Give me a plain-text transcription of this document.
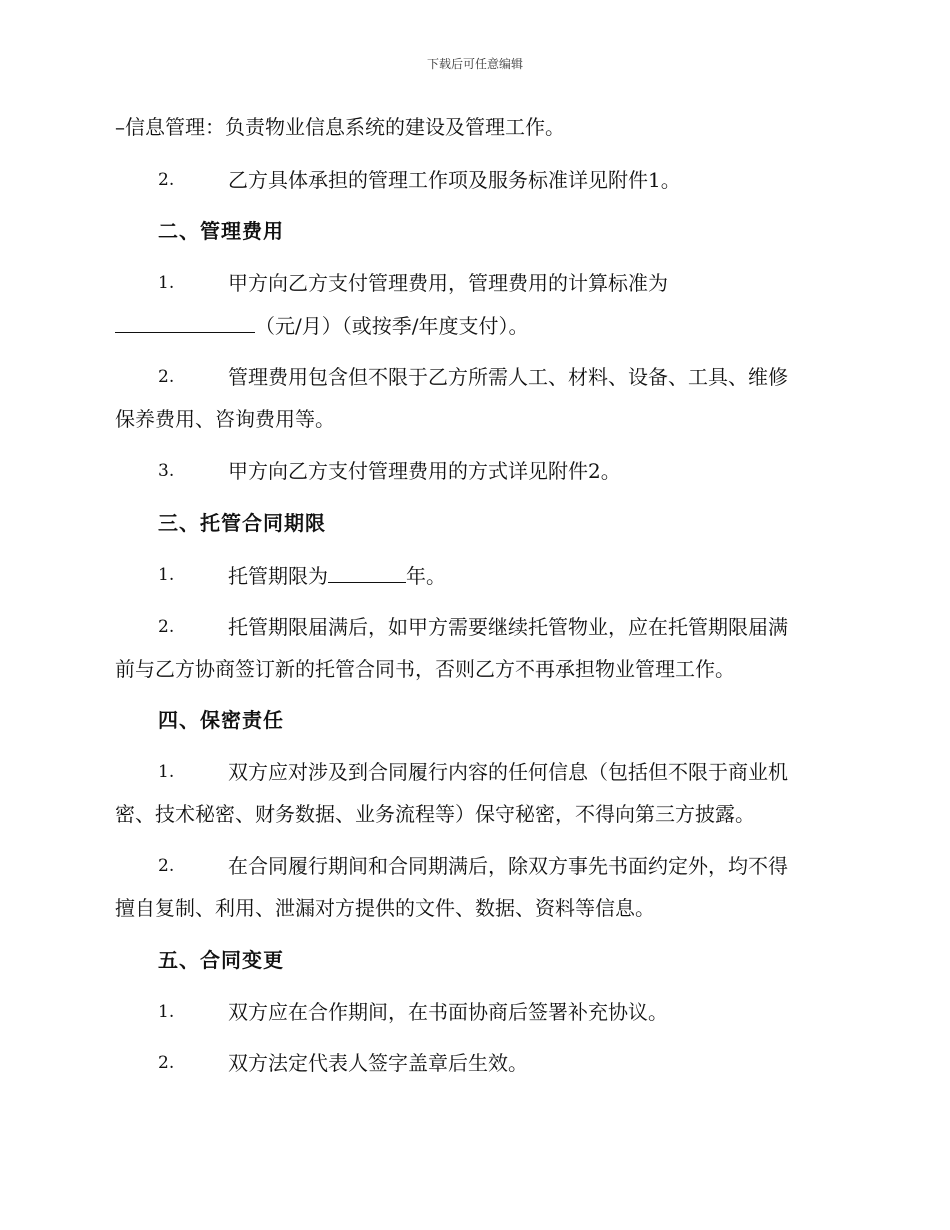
下载后可任意编辑
–信息管理：负责物业信息系统的建设及管理工作。
2.	乙方具体承担的管理工作项及服务标准详见附件1。
二、管理费用
1.	甲方向乙方支付管理费用，管理费用的计算标准为
（元/月）（或按季/年度支付）。
2.	管理费用包含但不限于乙方所需人工、材料、设备、工具、维修
保养费用、咨询费用等。
3.	甲方向乙方支付管理费用的方式详见附件2。
三、托管合同期限
1.	托管期限为	年。
2.	托管期限届满后，如甲方需要继续托管物业，应在托管期限届满
前与乙方协商签订新的托管合同书，否则乙方不再承担物业管理工作。
四、保密责任
1.	双方应对涉及到合同履行内容的任何信息（包括但不限于商业机
密、技术秘密、财务数据、业务流程等）保守秘密，不得向第三方披露。
2.	在合同履行期间和合同期满后，除双方事先书面约定外，均不得
擅自复制、利用、泄漏对方提供的文件、数据、资料等信息。
五、合同变更
1.	双方应在合作期间，在书面协商后签署补充协议。
2.	双方法定代表人签字盖章后生效。
